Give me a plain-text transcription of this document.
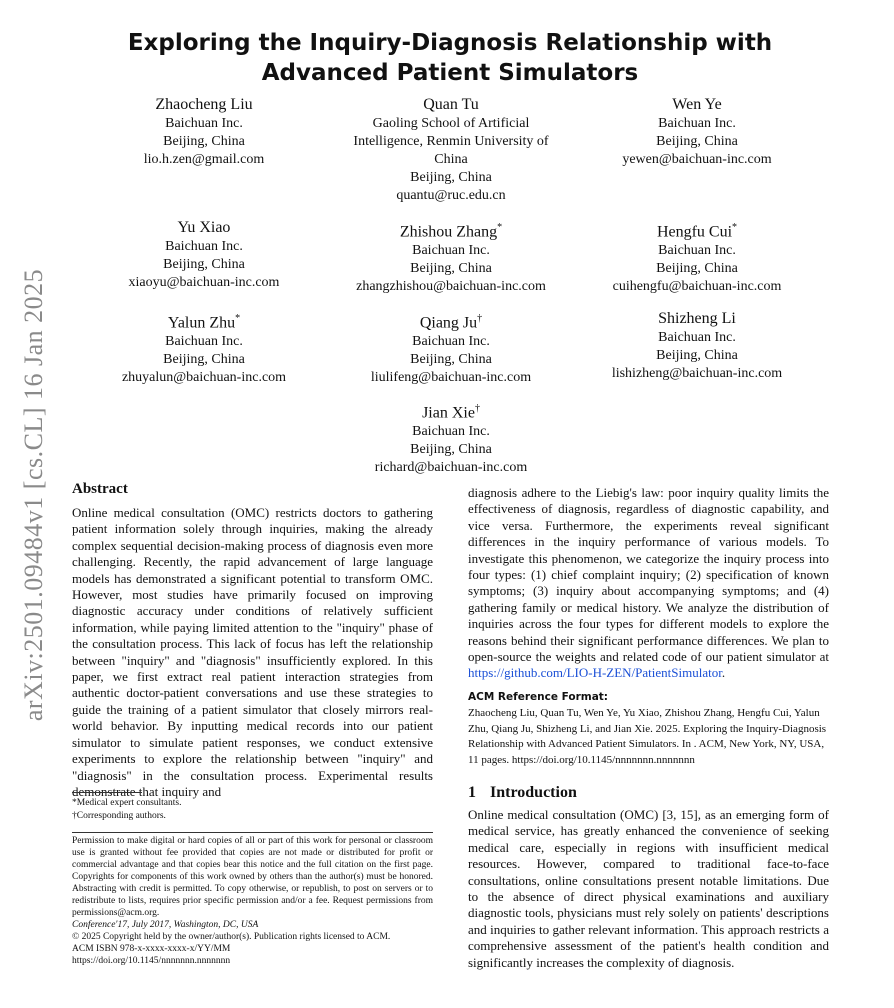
arXiv:2501.09484v1 [cs.CL] 16 Jan 2025
Exploring the Inquiry-Diagnosis Relationship with Advanced Patient Simulators
Zhaocheng Liu
Baichuan Inc.
Beijing, China
lio.h.zen@gmail.com
Quan Tu
Gaoling School of Artificial
Intelligence, Renmin University of
China
Beijing, China
quantu@ruc.edu.cn
Wen Ye
Baichuan Inc.
Beijing, China
yewen@baichuan-inc.com
Yu Xiao
Baichuan Inc.
Beijing, China
xiaoyu@baichuan-inc.com
Zhishou Zhang*
Baichuan Inc.
Beijing, China
zhangzhishou@baichuan-inc.com
Hengfu Cui*
Baichuan Inc.
Beijing, China
cuihengfu@baichuan-inc.com
Yalun Zhu*
Baichuan Inc.
Beijing, China
zhuyalun@baichuan-inc.com
Qiang Ju†
Baichuan Inc.
Beijing, China
liulifeng@baichuan-inc.com
Shizheng Li
Baichuan Inc.
Beijing, China
lishizheng@baichuan-inc.com
Jian Xie†
Baichuan Inc.
Beijing, China
richard@baichuan-inc.com
Abstract

Online medical consultation (OMC) restricts doctors to gathering patient information solely through inquiries, making the already complex sequential decision-making process of diagnosis even more challenging. Recently, the rapid advancement of large language models has demonstrated a significant potential to transform OMC. However, most studies have primarily focused on improving diagnostic accuracy under conditions of relatively sufficient information, while paying limited attention to the "inquiry" phase of the consultation process. This lack of focus has left the relationship between "inquiry" and "diagnosis" insufficiently explored. In this paper, we first extract real patient interaction strategies from authentic doctor-patient conversations and use these strategies to guide the training of a patient simulator that closely mirrors real-world behavior. By inputting medical records into our patient simulator to simulate patient responses, we conduct extensive experiments to explore the relationship between "inquiry" and "diagnosis" in the consultation process. Experimental results demonstrate that inquiry and

diagnosis adhere to the Liebig's law: poor inquiry quality limits the effectiveness of diagnosis, regardless of diagnostic capability, and vice versa. Furthermore, the experiments reveal significant differences in the inquiry performance of various models. To investigate this phenomenon, we categorize the inquiry process into four types: (1) chief complaint inquiry; (2) specification of known symptoms; (3) inquiry about accompanying symptoms; and (4) gathering family or medical history. We analyze the distribution of inquiries across the four types for different models to explore the reasons behind their significant performance differences. We plan to open-source the weights and related code of our patient simulator at https://github.com/LIO-H-ZEN/PatientSimulator.

*Medical expert consultants.

†Corresponding authors.

Permission to make digital or hard copies of all or part of this work for personal or classroom use is granted without fee provided that copies are not made or distributed for profit or commercial advantage and that copies bear this notice and the full citation on the first page. Copyrights for components of this work owned by others than the author(s) must be honored. Abstracting with credit is permitted. To copy otherwise, or republish, to post on servers or to redistribute to lists, requires prior specific permission and/or a fee. Request permissions from permissions@acm.org.
Conference'17, July 2017, Washington, DC, USA
© 2025 Copyright held by the owner/author(s). Publication rights licensed to ACM.
ACM ISBN 978-x-xxxx-xxxx-x/YY/MM
https://doi.org/10.1145/nnnnnnn.nnnnnnn
ACM Reference Format:

Zhaocheng Liu, Quan Tu, Wen Ye, Yu Xiao, Zhishou Zhang, Hengfu Cui, Yalun Zhu, Qiang Ju, Shizheng Li, and Jian Xie. 2025. Exploring the Inquiry-Diagnosis Relationship with Advanced Patient Simulators. In . ACM, New York, NY, USA, 11 pages. https://doi.org/10.1145/nnnnnnn.nnnnnnn

1 Introduction

Online medical consultation (OMC) [3, 15], as an emerging form of medical service, has greatly enhanced the convenience of seeking medical care, especially in regions with insufficient medical resources. However, compared to traditional face-to-face consultations, online consultations present notable limitations. Due to the absence of direct physical examinations and auxiliary diagnostic tools, physicians must rely solely on patients' descriptions and inquiries to gather relevant information. This approach restricts a comprehensive assessment of the patient's health condition and significantly increases the complexity of diagnosis.
